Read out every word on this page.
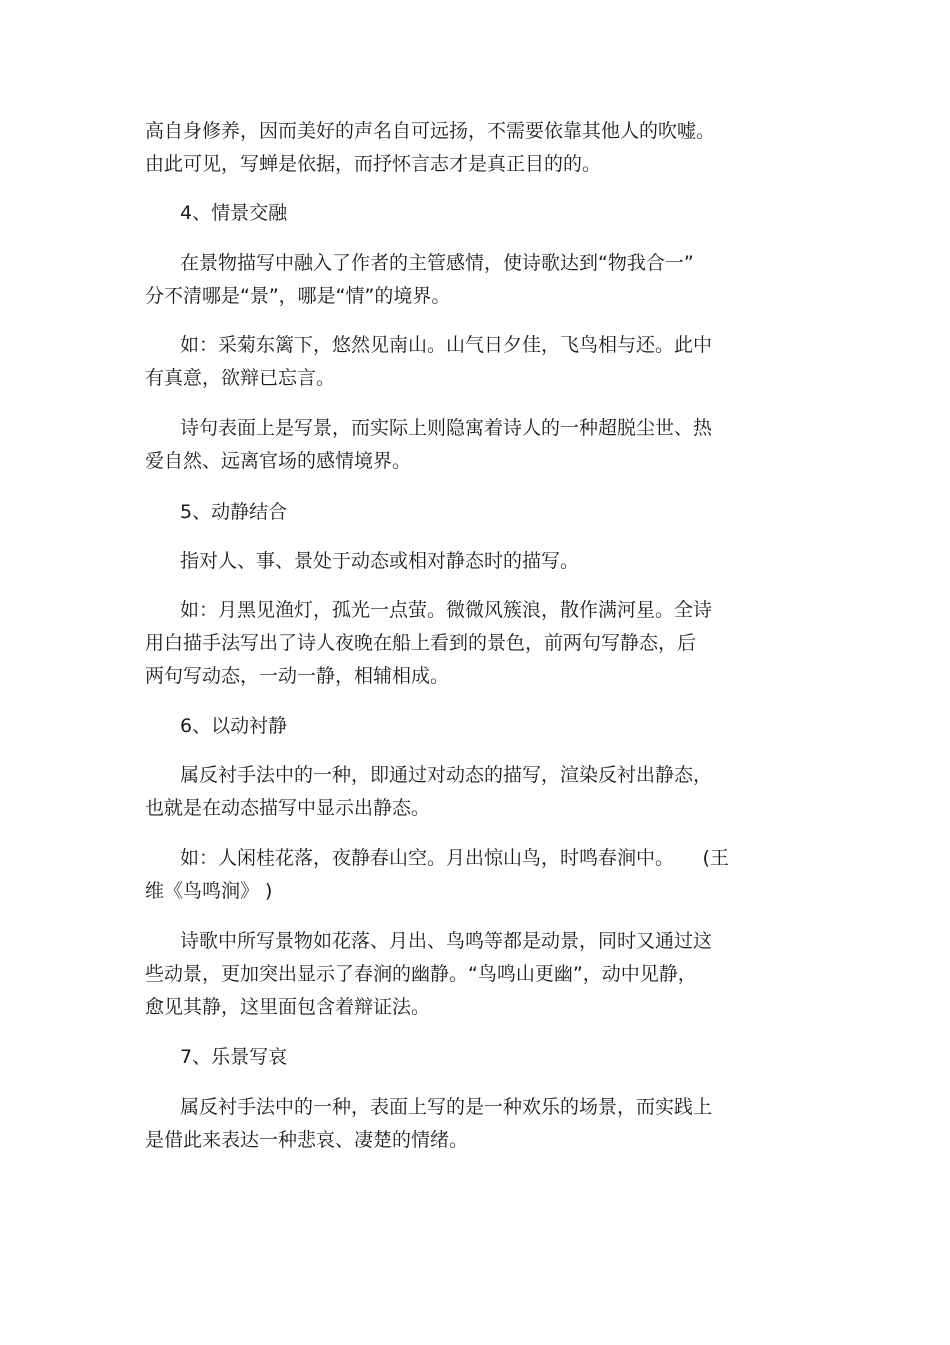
高自身修养，因而美好的声名自可远扬，不需要依靠其他人的吹嘘。
由此可见，写蝉是依据，而抒怀言志才是真正目的的。
4、情景交融
在景物描写中融入了作者的主管感情，使诗歌达到“物我合一”
分不清哪是“景”，哪是“情”的境界。
如：采菊东篱下，悠然见南山。山气日夕佳，飞鸟相与还。此中
有真意，欲辩已忘言。
诗句表面上是写景，而实际上则隐寓着诗人的一种超脱尘世、热
爱自然、远离官场的感情境界。
5、动静结合
指对人、事、景处于动态或相对静态时的描写。
如：月黑见渔灯，孤光一点萤。微微风簇浪，散作满河星。全诗
用白描手法写出了诗人夜晚在船上看到的景色，前两句写静态，后
两句写动态，一动一静，相辅相成。
6、以动衬静
属反衬手法中的一种，即通过对动态的描写，渲染反衬出静态，
也就是在动态描写中显示出静态。
如：人闲桂花落，夜静春山空。月出惊山鸟，时鸣春涧中。　　(王
维《鸟鸣涧》 )
诗歌中所写景物如花落、月出、鸟鸣等都是动景，同时又通过这
些动景，更加突出显示了春涧的幽静。“鸟鸣山更幽”，动中见静，
愈见其静，这里面包含着辩证法。
7、乐景写哀
属反衬手法中的一种，表面上写的是一种欢乐的场景，而实践上
是借此来表达一种悲哀、凄楚的情绪。
